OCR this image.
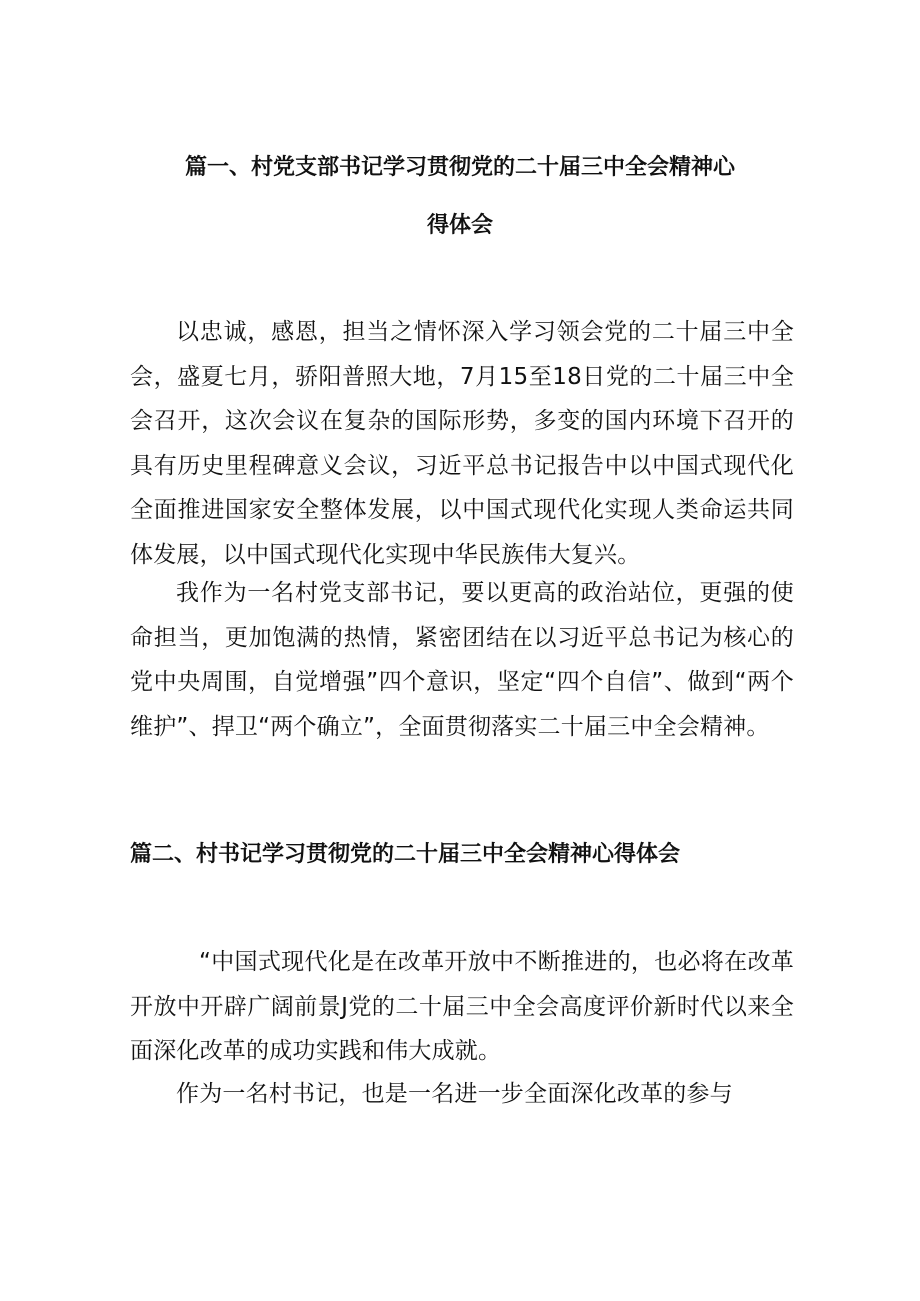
篇一、村党支部书记学习贯彻党的二十届三中全会精神心
得体会

以忠诚，感恩，担当之情怀深入学习领会党的二十届三中全会，盛夏七月，骄阳普照大地，7月15至18日党的二十届三中全会召开，这次会议在复杂的国际形势，多变的国内环境下召开的具有历史里程碑意义会议，习近平总书记报告中以中国式现代化全面推进国家安全整体发展，以中国式现代化实现人类命运共同体发展，以中国式现代化实现中华民族伟大复兴。

我作为一名村党支部书记，要以更高的政治站位，更强的使命担当，更加饱满的热情，紧密团结在以习近平总书记为核心的党中央周围，自觉增强”四个意识，坚定“四个自信”、做到“两个维护”、捍卫“两个确立”，全面贯彻落实二十届三中全会精神。

篇二、村书记学习贯彻党的二十届三中全会精神心得体会

“中国式现代化是在改革开放中不断推进的，也必将在改革开放中开辟广阔前景J党的二十届三中全会高度评价新时代以来全面深化改革的成功实践和伟大成就。

作为一名村书记，也是一名进一步全面深化改革的参与
